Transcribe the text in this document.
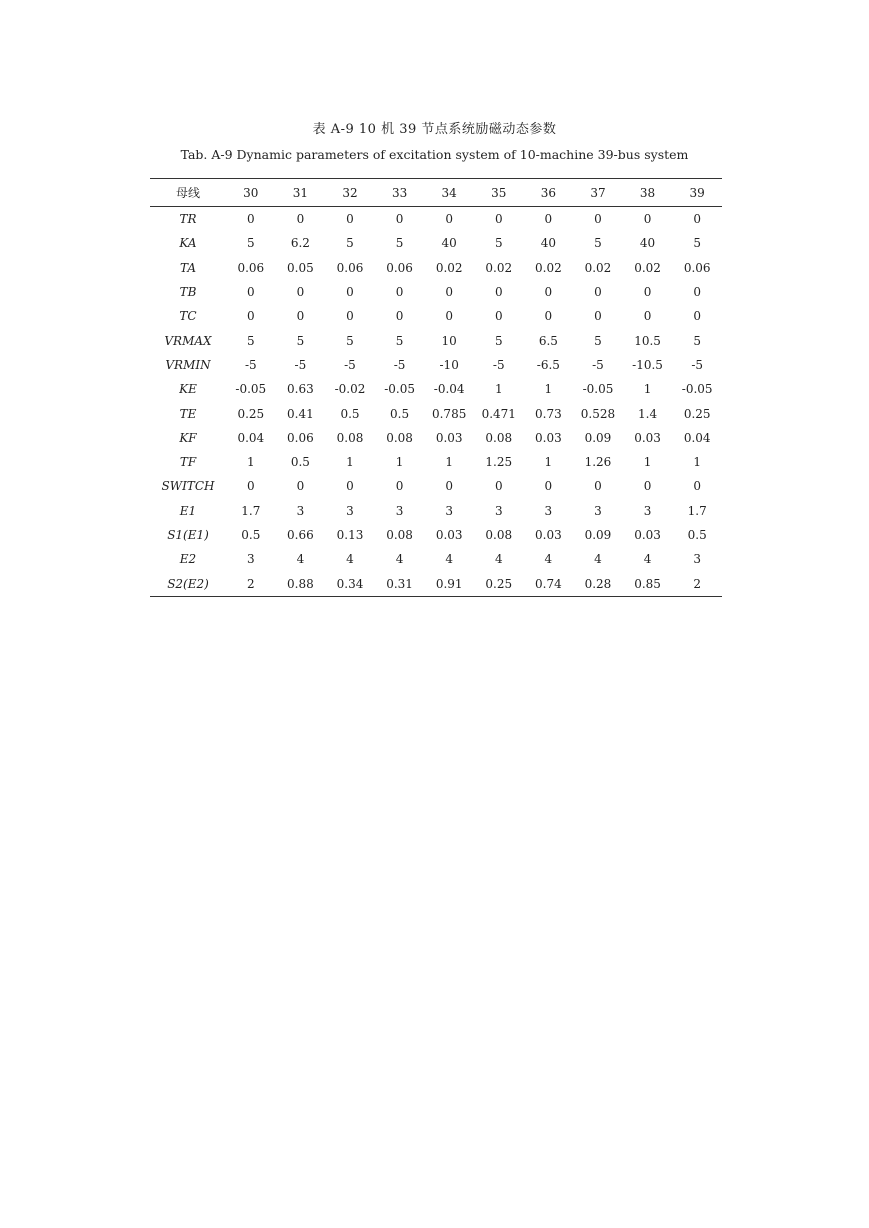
表 A-9 10 机 39 节点系统励磁动态参数
Tab. A-9 Dynamic parameters of excitation system of 10-machine 39-bus system
母线	30	31	32	33	34	35	36	37	38	39
TR	0	0	0	0	0	0	0	0	0	0
KA	5	6.2	5	5	40	5	40	5	40	5
TA	0.06	0.05	0.06	0.06	0.02	0.02	0.02	0.02	0.02	0.06
TB	0	0	0	0	0	0	0	0	0	0
TC	0	0	0	0	0	0	0	0	0	0
VRMAX	5	5	5	5	10	5	6.5	5	10.5	5
VRMIN	-5	-5	-5	-5	-10	-5	-6.5	-5	-10.5	-5
KE	-0.05	0.63	-0.02	-0.05	-0.04	1	1	-0.05	1	-0.05
TE	0.25	0.41	0.5	0.5	0.785	0.471	0.73	0.528	1.4	0.25
KF	0.04	0.06	0.08	0.08	0.03	0.08	0.03	0.09	0.03	0.04
TF	1	0.5	1	1	1	1.25	1	1.26	1	1
SWITCH	0	0	0	0	0	0	0	0	0	0
E1	1.7	3	3	3	3	3	3	3	3	1.7
S1(E1)	0.5	0.66	0.13	0.08	0.03	0.08	0.03	0.09	0.03	0.5
E2	3	4	4	4	4	4	4	4	4	3
S2(E2)	2	0.88	0.34	0.31	0.91	0.25	0.74	0.28	0.85	2
